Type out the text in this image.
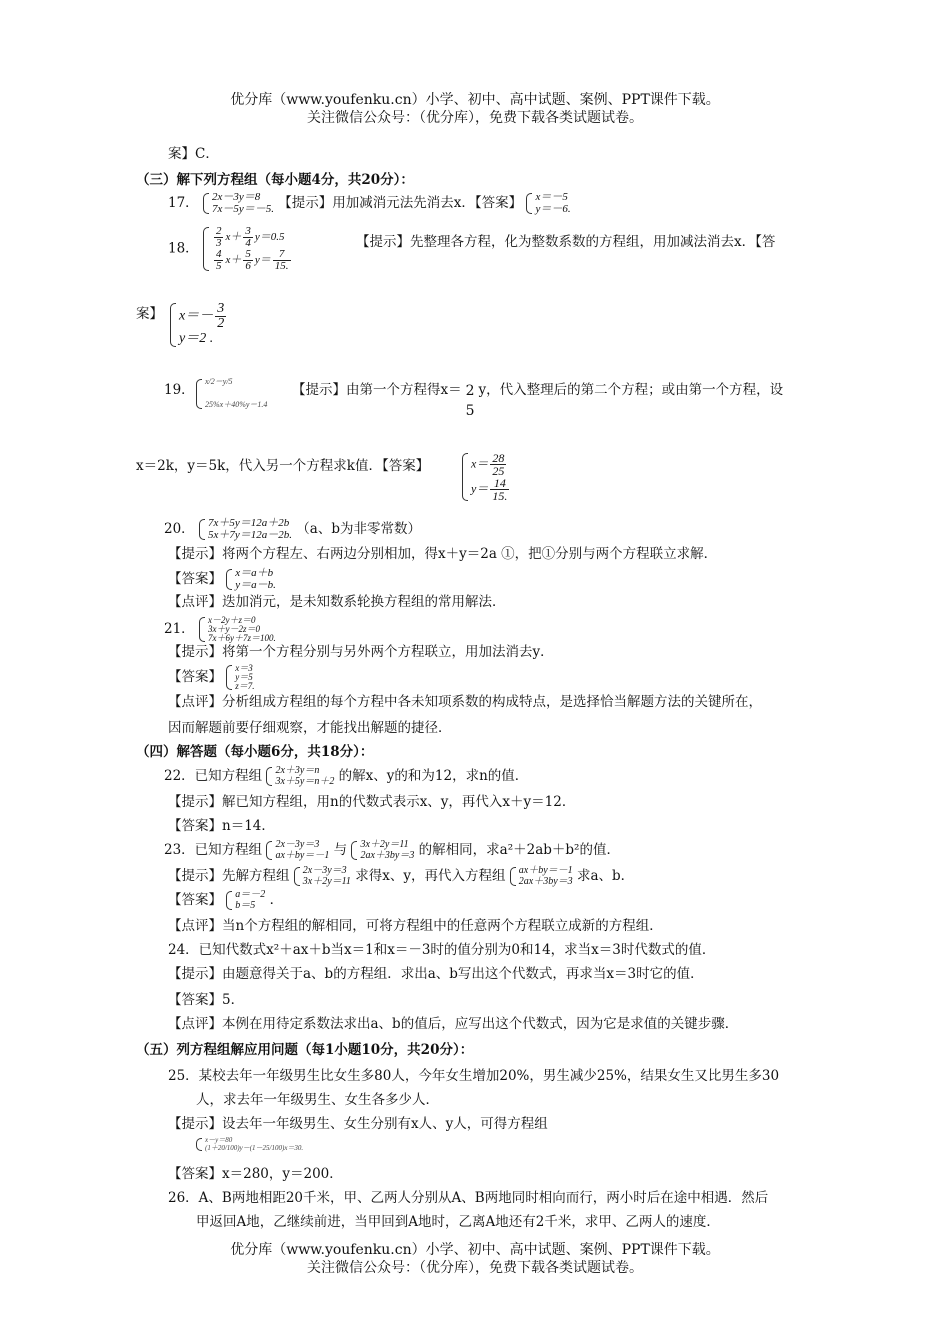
优分库（www.youfenku.cn）小学、初中、高中试题、案例、PPT课件下载。
关注微信公众号：（优分库），免费下载各类试题试卷。
案】C．
（三）解下列方程组（每小题4分，共20分）：
17． 2x－3y＝8
7x－5y＝－5. 【提示】用加减消元法先消去x．【答案】 x＝－5
y＝－6.
18． $\frac{2}{3} x+ \frac{3}{4} y=0.5$
$\frac{4}{5} x+ \frac{5}{6} y= \frac{7}{15.}$
【提示】先整理各方程，化为整数系数的方程组，用加减法消去x．【答
案】 $x=- \frac{3}{2}$
y＝2 .
19．
x/2＝y/5
25%x＋40%y＝1.4
【提示】由第一个方程得x＝ 2
5
y，代入整理后的第二个方程；或由第一个方程，设
x＝2k，y＝5k，代入另一个方程求k值．【答案】	$x= \frac{28}{25}$
$y= \frac{14}{15.}$
20． 7x＋5y＝12a＋2b
5x＋7y＝12a－2b. （a、b为非零常数）
【提示】将两个方程左、右两边分别相加，得x＋y＝2a ①，把①分别与两个方程联立求解．
【答案】 x＝a＋b
y＝a－b.
【点评】迭加消元，是未知数系轮换方程组的常用解法．
21．
x－2y＋z＝0
3x＋y－2z＝0
7x＋6y＋7z＝100.
【提示】将第一个方程分别与另外两个方程联立，用加法消去y．
【答案】
x＝3
y＝5
z＝7.
【点评】分析组成方程组的每个方程中各未知项系数的构成特点，是选择恰当解题方法的关键所在，
因而解题前要仔细观察，才能找出解题的捷径．
（四）解答题（每小题6分，共18分）：
22．已知方程组 2x＋3y＝n
3x＋5y＝n＋2 的解x、y的和为12，求n的值．
【提示】解已知方程组，用n的代数式表示x、y，再代入x＋y＝12．
【答案】n＝14．
23．已知方程组 2x－3y＝3
ax＋by＝－1 与 3x＋2y＝11
2ax＋3by＝3 的解相同，求a²＋2ab＋b²的值．
【提示】先解方程组 2x－3y＝3
3x＋2y＝11 求得x、y，再代入方程组 ax＋by＝－1
2ax＋3by＝3 求a、b．
【答案】 a＝－2
b＝5	．
【点评】当n个方程组的解相同，可将方程组中的任意两个方程联立成新的方程组．
24．已知代数式x²＋ax＋b当x＝1和x＝－3时的值分别为0和14，求当x＝3时代数式的值．
【提示】由题意得关于a、b的方程组．求出a、b写出这个代数式，再求当x＝3时它的值．
【答案】5．
【点评】本例在用待定系数法求出a、b的值后，应写出这个代数式，因为它是求值的关键步骤．
（五）列方程组解应用问题（每1小题10分，共20分）：
25．某校去年一年级男生比女生多80人，今年女生增加20%，男生减少25%，结果女生又比男生多30
人，求去年一年级男生、女生各多少人．
【提示】设去年一年级男生、女生分别有x人、y人，可得方程组
x－y＝80
(1＋20/100)y－(1－25/100)x＝30.
【答案】x＝280，y＝200．
26．A、B两地相距20千米，甲、乙两人分别从A、B两地同时相向而行，两小时后在途中相遇．然后
甲返回A地，乙继续前进，当甲回到A地时，乙离A地还有2千米，求甲、乙两人的速度．
优分库（www.youfenku.cn）小学、初中、高中试题、案例、PPT课件下载。
关注微信公众号：（优分库），免费下载各类试题试卷。
